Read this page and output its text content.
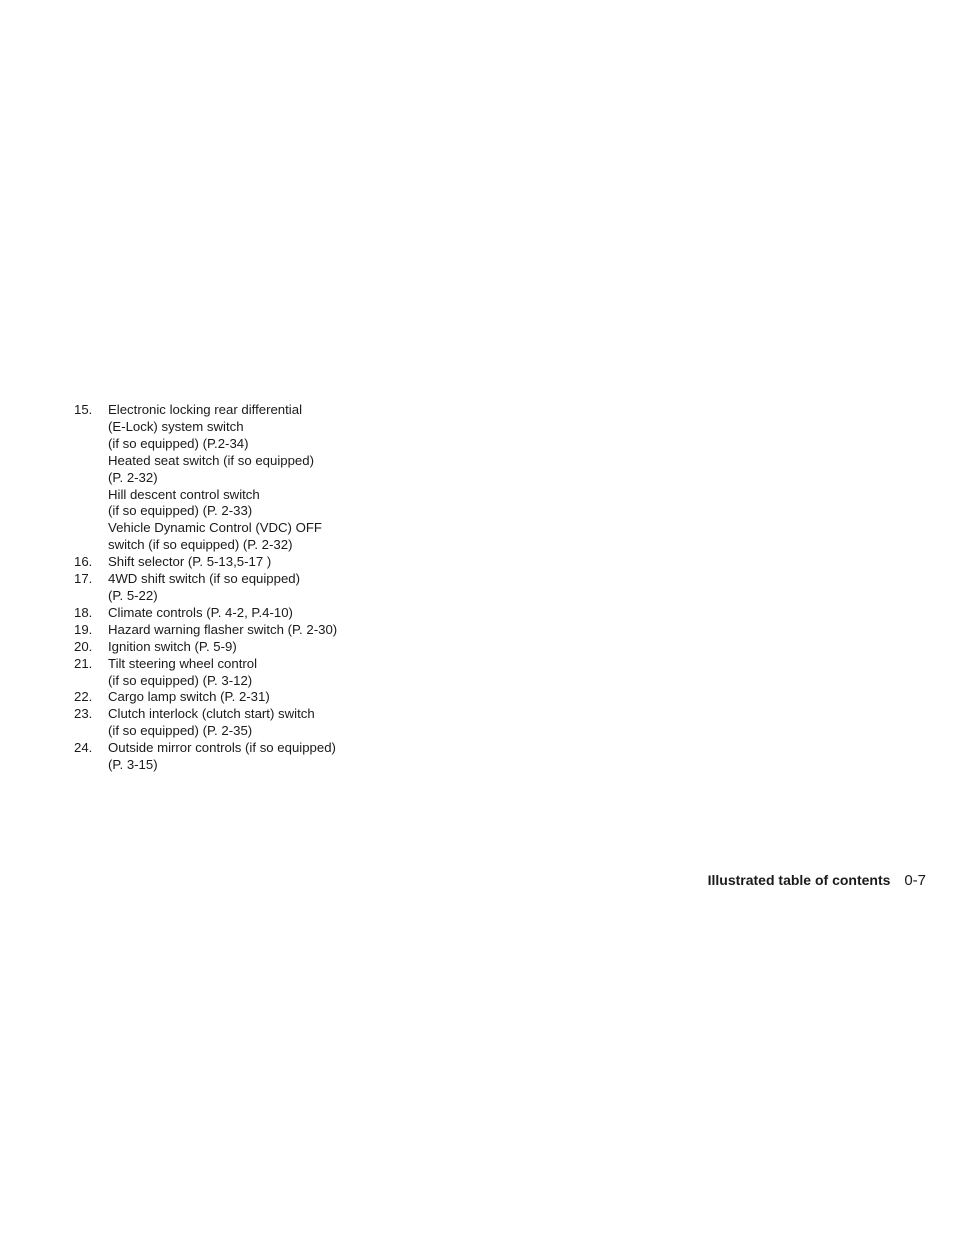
15.	Electronic locking rear differential
(E-Lock) system switch
(if so equipped) (P.2-34)
Heated seat switch (if so equipped)
(P. 2-32)
Hill descent control switch
(if so equipped) (P. 2-33)
Vehicle Dynamic Control (VDC) OFF
switch (if so equipped) (P. 2-32)
16.	Shift selector (P. 5-13,5-17 )
17.	4WD shift switch (if so equipped)
(P. 5-22)
18.	Climate controls (P. 4-2, P.4-10)
19.	Hazard warning flasher switch (P. 2-30)
20.	Ignition switch (P. 5-9)
21.	Tilt steering wheel control
(if so equipped) (P. 3-12)
22.	Cargo lamp switch (P. 2-31)
23.	Clutch interlock (clutch start) switch
(if so equipped) (P. 2-35)
24.	Outside mirror controls (if so equipped)
(P. 3-15)
Illustrated table of contents 0-7
